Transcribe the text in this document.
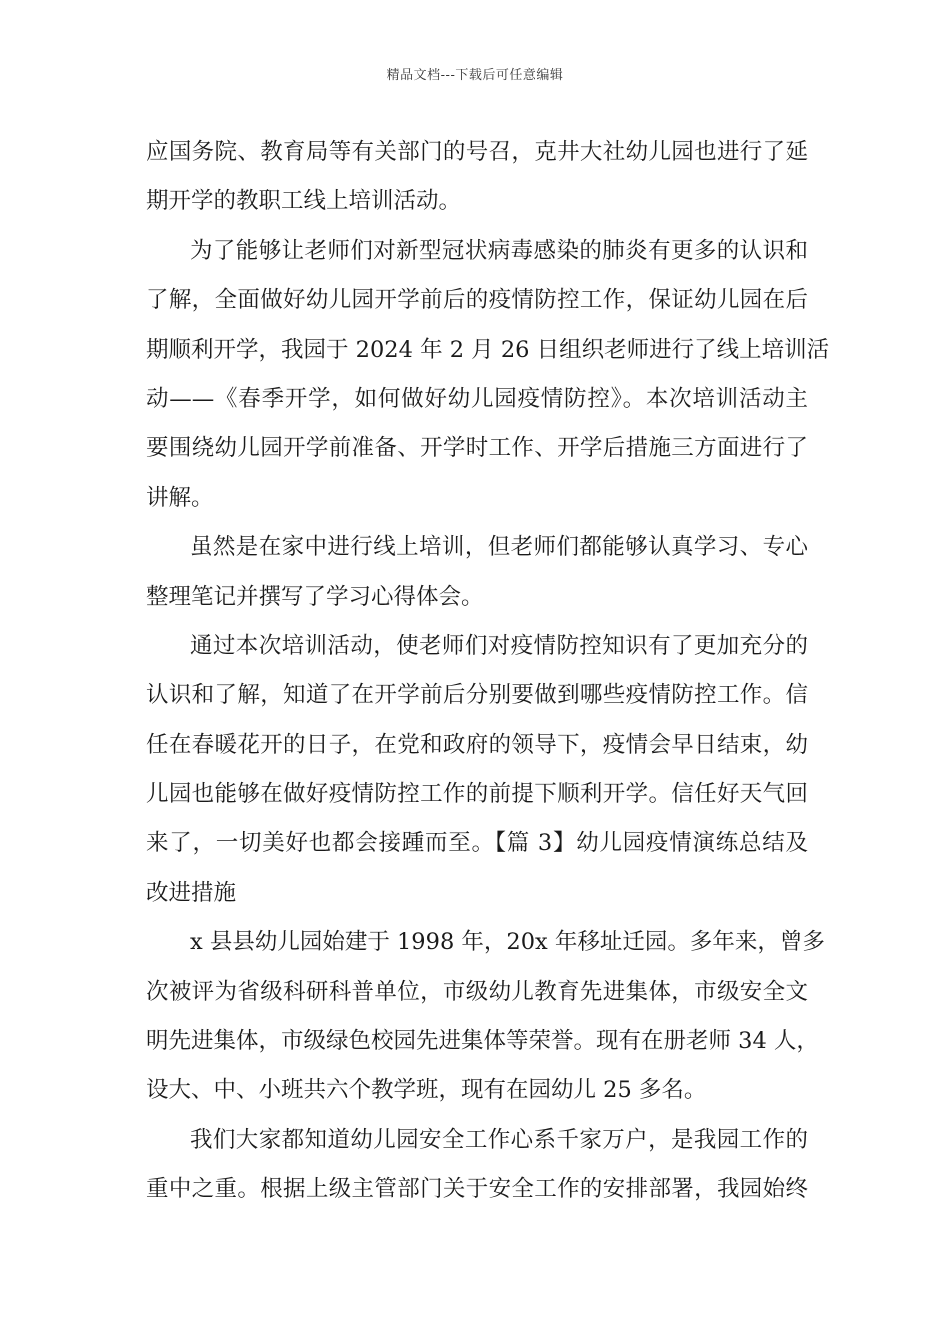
精品文档---下载后可任意编辑
应国务院、教育局等有关部门的号召，克井大社幼儿园也进行了延
期开学的教职工线上培训活动。
为了能够让老师们对新型冠状病毒感染的肺炎有更多的认识和
了解，全面做好幼儿园开学前后的疫情防控工作，保证幼儿园在后
期顺利开学，我园于 2024 年 2 月 26 日组织老师进行了线上培训活
动——《春季开学，如何做好幼儿园疫情防控》。本次培训活动主
要围绕幼儿园开学前准备、开学时工作、开学后措施三方面进行了
讲解。
虽然是在家中进行线上培训，但老师们都能够认真学习、专心
整理笔记并撰写了学习心得体会。
通过本次培训活动，使老师们对疫情防控知识有了更加充分的
认识和了解，知道了在开学前后分别要做到哪些疫情防控工作。信
任在春暖花开的日子，在党和政府的领导下，疫情会早日结束，幼
儿园也能够在做好疫情防控工作的前提下顺利开学。信任好天气回
来了，一切美好也都会接踵而至。【篇 3】幼儿园疫情演练总结及
改进措施
x 县县幼儿园始建于 1998 年，20x 年移址迁园。多年来，曾多
次被评为省级科研科普单位，市级幼儿教育先进集体，市级安全文
明先进集体，市级绿色校园先进集体等荣誉。现有在册老师 34 人，
设大、中、小班共六个教学班，现有在园幼儿 25 多名。
我们大家都知道幼儿园安全工作心系千家万户，是我园工作的
重中之重。根据上级主管部门关于安全工作的安排部署，我园始终
